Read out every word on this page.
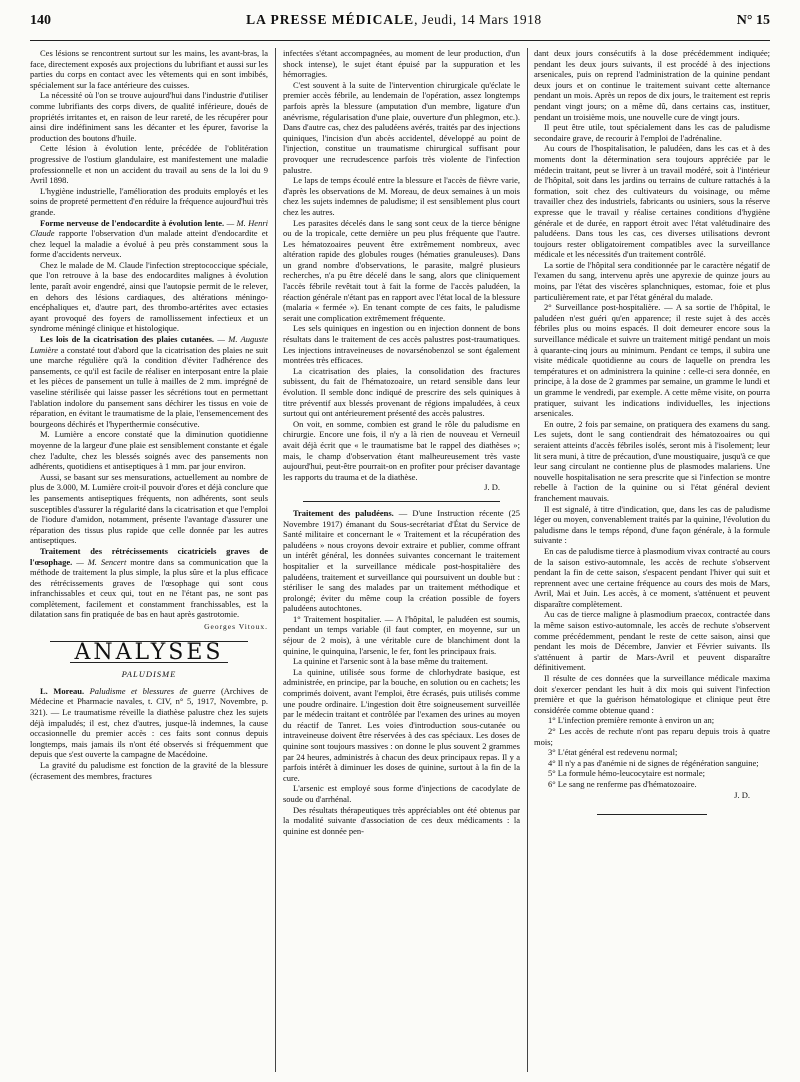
140	LA PRESSE MÉDICALE, Jeudi, 14 Mars 1918	N° 15

Ces lésions se rencontrent surtout sur les mains, les avant-bras, la face, directement exposés aux projections du lubrifiant et aussi sur les parties du corps en contact avec les vêtements qui en sont imbibés, spécialement sur la face antérieure des cuisses.

La nécessité où l'on se trouve aujourd'hui dans l'industrie d'utiliser comme lubrifiants des corps divers, de qualité inférieure, doués de propriétés irritantes et, en raison de leur rareté, de les récupérer pour ainsi dire indéfiniment sans les décanter et les épurer, favorise la production des boutons d'huile.

Cette lésion à évolution lente, précédée de l'oblitération progressive de l'ostium glandulaire, est manifestement une maladie professionnelle et non un accident du travail au sens de la loi du 9 Avril 1898.

L'hygiène industrielle, l'amélioration des produits employés et les soins de propreté permettent d'en réduire la fréquence aujourd'hui très grande.

Forme nerveuse de l'endocardite à évolution lente. — M. Henri Claude rapporte l'observation d'un malade atteint d'endocardite et chez lequel la maladie a évolué à peu près constamment sous la forme d'accidents nerveux.

Chez le malade de M. Claude l'infection streptococcique spéciale, que l'on retrouve à la base des endocardites malignes à évolution lente, paraît avoir engendré, ainsi que l'autopsie permit de le relever, en dehors des lésions cardiaques, des altérations méningo-encéphaliques et, d'autre part, des thrombo-artérites avec ectasies ayant provoqué des foyers de ramollissement infectieux et un syndrome méningé clinique et histologique.

Les lois de la cicatrisation des plaies cutanées. — M. Auguste Lumière a constaté tout d'abord que la cicatrisation des plaies ne suit une marche régulière qu'à la condition d'éviter l'adhérence des pansements, ce qu'il est facile de réaliser en interposant entre la plaie et les pièces de pansement un tulle à mailles de 2 mm. imprégné de vaseline stérilisée qui laisse passer les sécrétions tout en permettant l'ablation indolore du pansement sans déchirer les tissus en voie de réparation, en évitant le traumatisme de la plaie, l'ensemencement des bourgeons déchirés et l'hyperthermie consécutive.

M. Lumière a encore constaté que la diminution quotidienne moyenne de la largeur d'une plaie est sensiblement constante et égale chez l'adulte, chez les blessés soignés avec des pansements non adhérents, quotidiens et antiseptiques à 1 mm. par jour environ.

Aussi, se basant sur ses mensurations, actuellement au nombre de plus de 3.000, M. Lumière croit-il pouvoir d'ores et déjà conclure que les pansements antiseptiques fréquents, non adhérents, sont seuls susceptibles d'assurer la régularité dans la cicatrisation et que l'emploi de l'iodure d'amidon, notamment, présente l'avantage d'assurer une réparation des tissus plus rapide que celle donnée par les autres antiseptiques.

Traitement des rétrécissements cicatriciels graves de l'œsophage. — M. Sencert montre dans sa communication que la méthode de traitement la plus simple, la plus sûre et la plus efficace des rétrécissements graves de l'œsophage qui sont cous infranchissables et ceux qui, tout en ne l'étant pas, ne sont pas complètement, facilement et constamment franchissables, est la dilatation sans fin pratiquée de bas en haut après gastrotomie.

Georges Vitoux.
ANALYSES
PALUDISME

L. Moreau. Paludisme et blessures de guerre (Archives de Médecine et Pharmacie navales, t. CIV, n° 5, 1917, Novembre, p. 321). — Le traumatisme réveille la diathèse palustre chez les sujets déjà impaludés; il est, chez d'autres, jusque-là indemnes, la cause occasionnelle du premier accès : ces faits sont connus depuis longtemps, mais jamais ils n'ont été observés si fréquemment que depuis que s'est ouverte la campagne de Macédoine.

La gravité du paludisme est fonction de la gravité de la blessure (écrasement des membres, fractures

infectées s'étant accompagnées, au moment de leur production, d'un shock intense), le sujet étant épuisé par la suppuration et les hémorragies.

C'est souvent à la suite de l'intervention chirurgicale qu'éclate le premier accès fébrile, au lendemain de l'opération, assez longtemps parfois après la blessure (amputation d'un membre, ligature d'un anévrisme, régularisation d'une plaie, ouverture d'un phlegmon, etc.). Dans d'autre cas, chez des paludéens avérés, traités par des injections quiniques, l'incision d'un abcès accidentel, développé au point de l'injection, constitue un traumatisme chirurgical suffisant pour provoquer une recrudescence parfois très violente de l'infection palustre.

Le laps de temps écoulé entre la blessure et l'accès de fièvre varie, d'après les observations de M. Moreau, de deux semaines à un mois chez les sujets indemnes de paludisme; il est sensiblement plus court chez les autres.

Les parasites décelés dans le sang sont ceux de la tierce bénigne ou de la tropicale, cette dernière un peu plus fréquente que l'autre. Les hématozoaires peuvent être extrêmement nombreux, avec altération rapide des globules rouges (hématies granuleuses). Dans un grand nombre d'observations, le parasite, malgré plusieurs recherches, n'a pu être décelé dans le sang, alors que cliniquement l'accès fébrile revêtait tout à fait la forme de l'accès paludéen, la réaction générale n'étant pas en rapport avec l'état local de la blessure (malaria « fermée »). En tenant compte de ces faits, le paludisme serait une complication extrêmement fréquente.

Les sels quiniques en ingestion ou en injection donnent de bons résultats dans le traitement de ces accès palustres post-traumatiques. Les injections intraveineuses de novarsénobenzol se sont également montrées très efficaces.

La cicatrisation des plaies, la consolidation des fractures subissent, du fait de l'hématozoaire, un retard sensible dans leur évolution. Il semble donc indiqué de prescrire des sels quiniques à titre préventif aux blessés provenant de régions impaludées, à ceux surtout qui ont antérieurement présenté des accès palustres.

On voit, en somme, combien est grand le rôle du paludisme en chirurgie. Encore une fois, il n'y a là rien de nouveau et Verneuil avait déjà écrit que « le traumatisme bat le rappel des diathèses »; mais, le champ d'observation étant malheureusement très vaste aujourd'hui, peut-être pourrait-on en profiter pour préciser davantage les rapports du trauma et de la diathèse.

J. D.

Traitement des paludéens. — D'une Instruction récente (25 Novembre 1917) émanant du Sous-secrétariat d'État du Service de Santé militaire et concernant le « Traitement et la récupération des paludéens » nous croyons devoir extraire et publier, comme offrant un intérêt général, les données suivantes concernant le traitement hospitalier et la surveillance médicale post-hospitalière des paludéens, traitement et surveillance qui poursuivent un double but : stériliser le sang des malades par un traitement méthodique et prolongé; éviter du même coup la création possible de foyers paludéens autochtones.

1° Traitement hospitalier. — A l'hôpital, le paludéen est soumis, pendant un temps variable (il faut compter, en moyenne, sur un séjour de 2 mois), à une véritable cure de blanchiment dont la quinine, le quinquina, l'arsenic, le fer, font les principaux frais.

La quinine et l'arsenic sont à la base même du traitement.

La quinine, utilisée sous forme de chlorhydrate basique, est administrée, en principe, par la bouche, en solution ou en cachets; les comprimés doivent, avant l'emploi, être écrasés, puis utilisés comme une poudre ordinaire. L'ingestion doit être soigneusement surveillée par le médecin traitant et contrôlée par l'examen des urines au moyen du réactif de Tanret. Les voies d'introduction sous-cutanée ou intraveineuse doivent être réservées à des cas spéciaux. Les doses de quinine sont toujours massives : on donne le plus souvent 2 grammes par 24 heures, administrés à chacun des deux principaux repas. Il y a parfois intérêt à diminuer les doses de quinine, surtout à la fin de la cure.

L'arsenic est employé sous forme d'injections de cacodylate de soude ou d'arrhénal.

Des résultats thérapeutiques très appréciables ont été obtenus par la modalité suivante d'association de ces deux médicaments : la quinine est donnée pen-

dant deux jours consécutifs à la dose précédemment indiquée; pendant les deux jours suivants, il est procédé à des injections arsenicales, puis on reprend l'administration de la quinine pendant deux jours et on continue le traitement suivant cette alternance pendant un mois. Après un repos de dix jours, le traitement est repris pendant vingt jours; on a même dû, dans certains cas, instituer, pendant un troisième mois, une nouvelle cure de vingt jours.

Il peut être utile, tout spécialement dans les cas de paludisme secondaire grave, de recourir à l'emploi de l'adrénaline.

Au cours de l'hospitalisation, le paludéen, dans les cas et à des moments dont la détermination sera toujours appréciée par le médecin traitant, peut se livrer à un travail modéré, soit à l'intérieur de l'hôpital, soit dans les jardins ou terrains de culture rattachés à la formation, soit chez des cultivateurs du voisinage, ou même travailler chez des industriels, fabricants ou usiniers, sous la réserve expresse que le travail y réalise certaines conditions d'hygiène générale et de durée, en rapport étroit avec l'état valétudinaire des paludéens. Dans tous les cas, ces diverses utilisations devront toujours rester obligatoirement compatibles avec la surveillance médicale et les nécessités d'un traitement contrôlé.

La sortie de l'hôpital sera conditionnée par le caractère négatif de l'examen du sang, intervenu après une apyrexie de quinze jours au moins, par l'état des viscères splanchniques, estomac, foie et plus particulièrement rate, et par l'état général du malade.

2° Surveillance post-hospitalière. — A sa sortie de l'hôpital, le paludéen n'est guéri qu'en apparence; il reste sujet à des accès fébriles plus ou moins espacés. Il doit demeurer encore sous la surveillance médicale et suivre un traitement mitigé pendant un mois à quarante-cinq jours au minimum. Pendant ce temps, il subira une visite médicale quotidienne au cours de laquelle on prendra les températures et on administrera la quinine : celle-ci sera donnée, en principe, à la dose de 2 grammes par semaine, un gramme le lundi et un gramme le vendredi, par exemple. A cette même visite, on pourra pratiquer, suivant les indications individuelles, les injections arsenicales.

En outre, 2 fois par semaine, on pratiquera des examens du sang. Les sujets, dont le sang contiendrait des hématozoaires ou qui seraient atteints d'accès fébriles isolés, seront mis à l'isolement; leur lit sera muni, à titre de précaution, d'une moustiquaire, jusqu'à ce que leur sang circulant ne contienne plus de plasmodes malariens. Une nouvelle hospitalisation ne sera prescrite que si l'infection se montre rebelle à l'action de la quinine ou si l'état général devient franchement mauvais.

Il est signalé, à titre d'indication, que, dans les cas de paludisme léger ou moyen, convenablement traités par la quinine, l'évolution du paludisme dans le temps répond, d'une façon générale, à la formule suivante :

En cas de paludisme tierce à plasmodium vivax contracté au cours de la saison estivo-automnale, les accès de rechute s'observent pendant la fin de cette saison, s'espacent pendant l'hiver qui suit et reprennent avec une certaine fréquence au cours des mois de Mars, Avril, Mai et Juin. Les accès, à ce moment, s'atténuent et peuvent disparaître complètement.

Au cas de tierce maligne à plasmodium praecox, contractée dans la même saison estivo-automnale, les accès de rechute s'observent comme précédemment, pendant le reste de cette saison, ainsi que pendant les mois de Décembre, Janvier et Février suivants. Ils s'atténuent à partir de Mars-Avril et peuvent disparaître définitivement.

Il résulte de ces données que la surveillance médicale maxima doit s'exercer pendant les huit à dix mois qui suivent l'infection première et que la guérison hématologique et clinique peut être considérée comme obtenue quand :

1° L'infection première remonte à environ un an;

2° Les accès de rechute n'ont pas reparu depuis trois à quatre mois;

3° L'état général est redevenu normal;

4° Il n'y a pas d'anémie ni de signes de régénération sanguine;

5° La formule hémo-leucocytaire est normale;

6° Le sang ne renferme pas d'hématozoaire.

J. D.
